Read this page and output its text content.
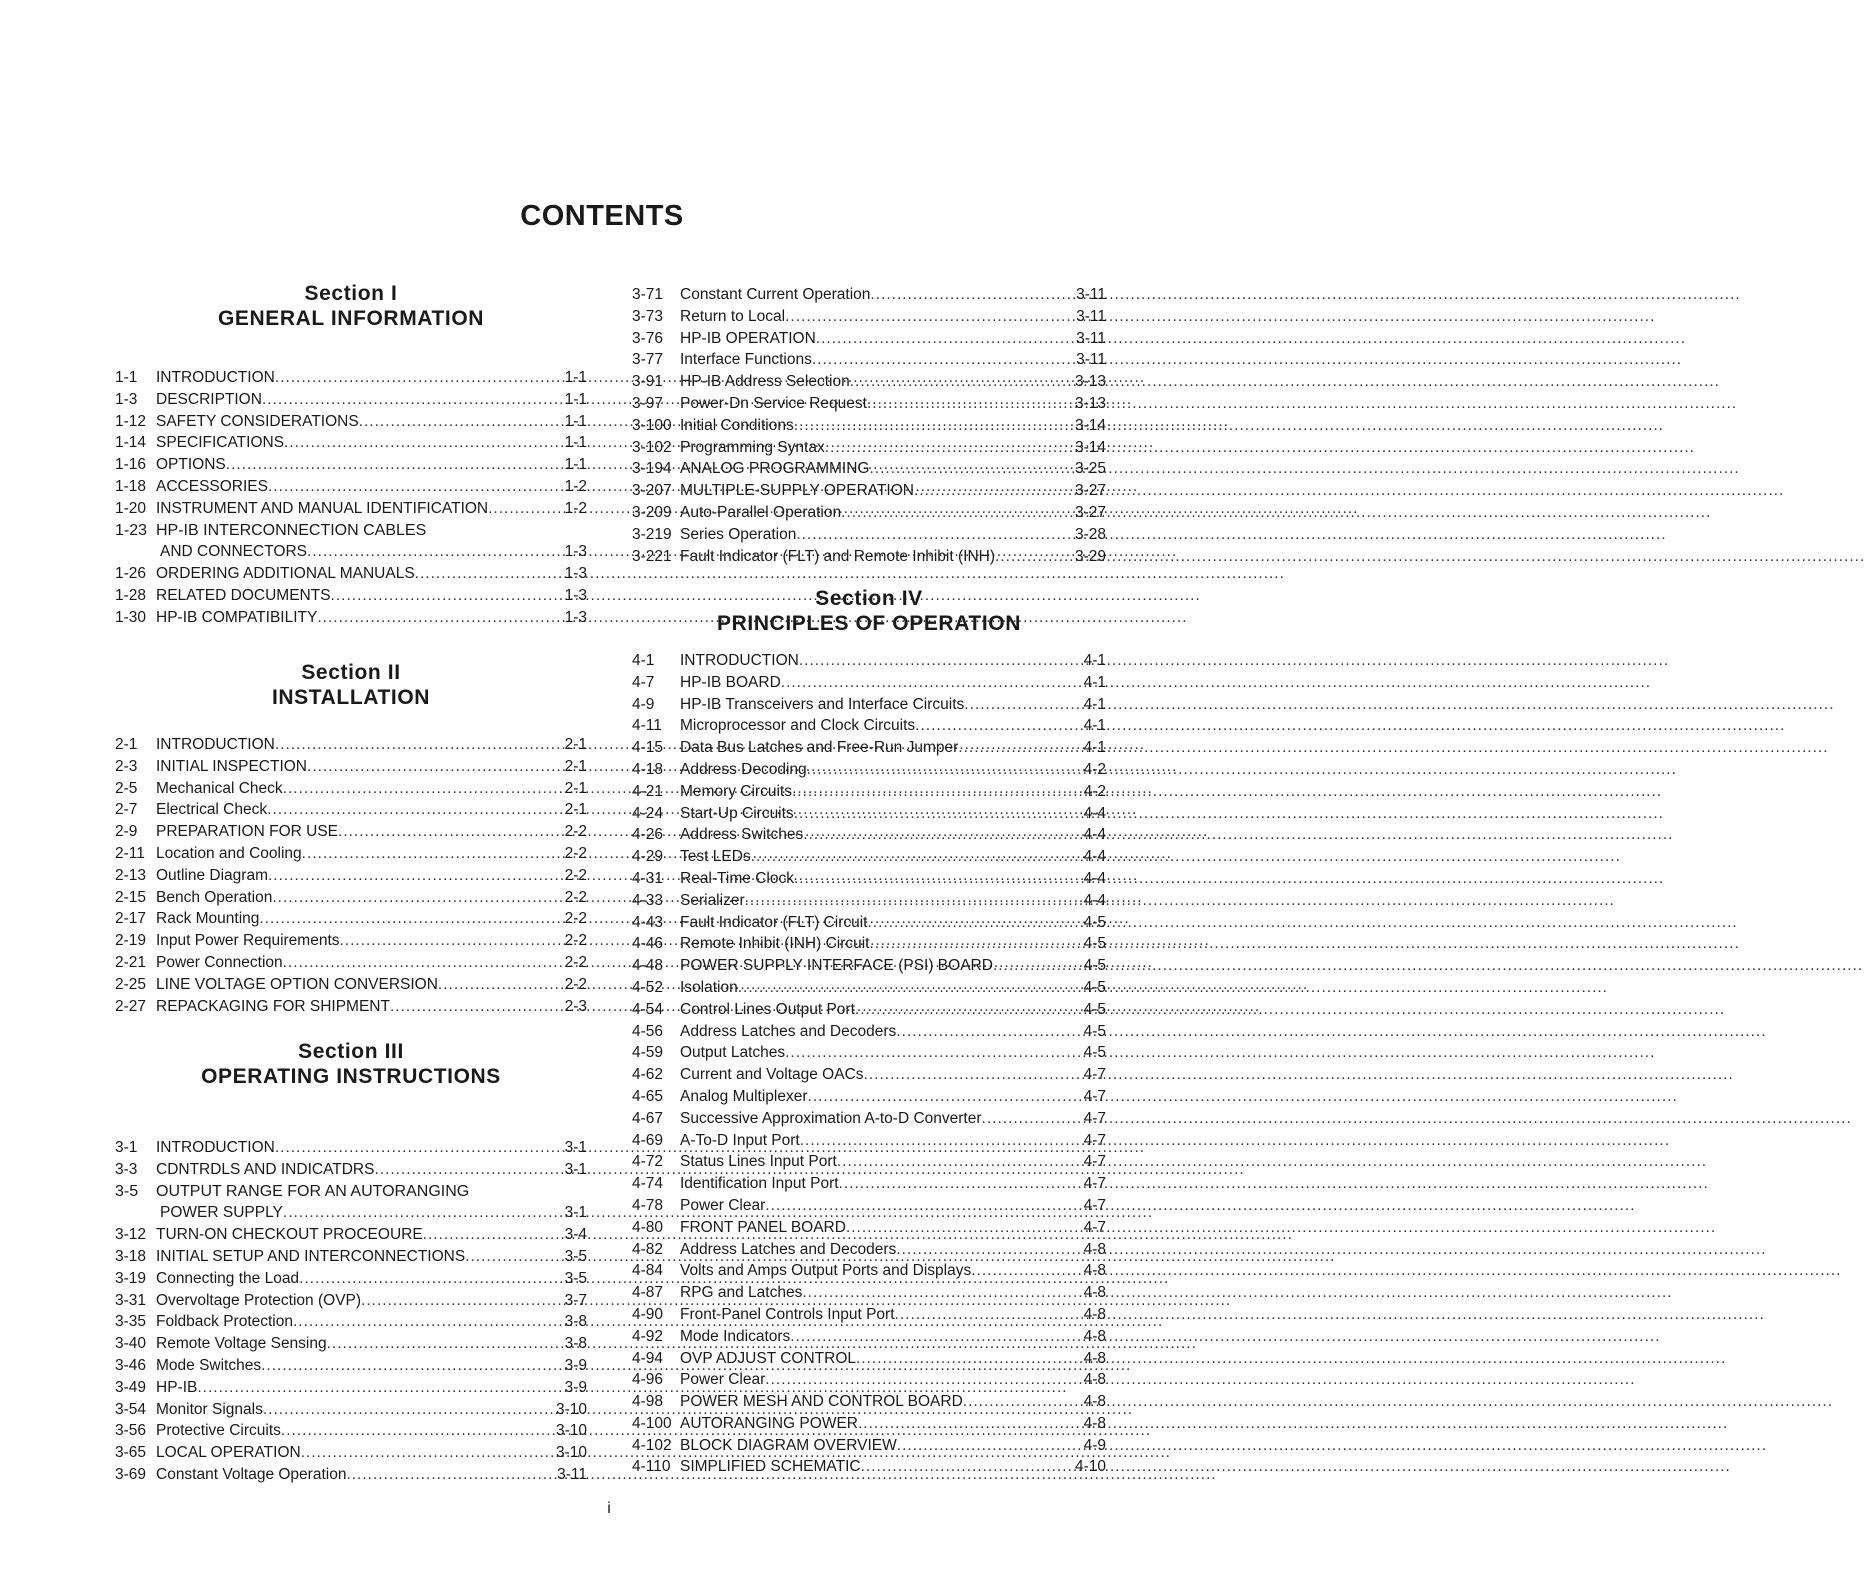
CONTENTS
Section I
GENERAL INFORMATION
1-1	INTRODUCTION .....	1-1
1-3	DESCRIPTION .....	1-1
1-12 SAFETY CONSIDERATIONS .....	1-1
1-14 SPECIFICATIONS .....	1-1
1-16 OPTIONS .....	1-1
1-18 ACCESSORIES .....	1-2
1-20 INSTRUMENT AND MANUAL IDENTIFICATION .....	1-2
1-23 HP-IB INTERCONNECTION CABLES
AND CONNECTORS .....	1-3
1-26 ORDERING ADDITIONAL MANUALS .....	1-3
1-28 RELATED DOCUMENTS .....	1-3
1-30 HP-IB COMPATIBILITY .....	1-3
Section II
INSTALLATION
2-1	INTRODUCTION .....	2-1
2-3	INITIAL INSPECTION .....	2-1
2-5	Mechanical Check .....	2-1
2-7	Electrical Check .....	2-1
2-9	PREPARATION FOR USE .....	2-2
2-11 Location and Cooling .....	2-2
2-13 Outline Diagram .....	2-2
2-15 Bench Operation .....	2-2
2-17 Rack Mounting .....	2-2
2-19 Input Power Requirements .....	2-2
2-21 Power Connection .....	2-2
2-25 LINE VOLTAGE OPTION CONVERSION .....	2-2
2-27 REPACKAGING FOR SHIPMENT .....	2-3
Section III
OPERATING INSTRUCTIONS
3-1	INTRODUCTION .....	3-1
3-3	CDNTRDLS AND INDICATDRS .....	3-1
3-5	OUTPUT RANGE FOR AN AUTORANGING
POWER SUPPLY .....	3-1
3-12 TURN-ON CHECKOUT PROCEOURE .....	3-4
3-18 INITIAL SETUP AND INTERCONNECTIONS .....	3-5
3-19 Connecting the Load .....	3-5
3-31 Overvoltage Protection (OVP) .....	3-7
3-35 Foldback Protection .....	3-8
3-40 Remote Voltage Sensing .....	3-8
3-46 Mode Switches .....	3-9
3-49 HP-IB .....	3-9
3-54 Monitor Signals .....	3-10
3-56 Protective Circuits .....	3-10
3-65 LOCAL OPERATION .....	3-10
3-69 Constant Voltage Operation .....	3-11
3-71	Constant Current Operation .....	3-11
3-73	Return to Local .....	3-11
3-76	HP-IB OPERATION .....	3-11
3-77	Interface Functions .....	3-11
3-91	HP-IB Address Selection .....	3-13
3-97	Power-Dn Service Request .....	3-13
3-100 Initial Conditions .....	3-14
3-102 Programming Syntax .....	3-14
3-194 ANALOG PROGRAMMING .....	3-25
3-207 MULTIPLE-SUPPLY OPERATION .....	3-27
3-209 Auto-Parallel Operation .....	3-27
3-219 Series Operation .....	3-28
3-221 Fault Indicator (FLT) and Remote Inhibit (INH) .....	3-29
Section IV
PRINCIPLES OF OPERATION
4-1	INTRODUCTION .....	4-1
4-7	HP-IB BOARD .....	4-1
4-9	HP-IB Transceivers and Interface Circuits .....	4-1
4-11	Microprocessor and Clock Circuits .....	4-1
4-15	Data Bus Latches and Free-Run Jumper .....	4-1
4-18	Address Decoding .....	4-2
4-21	Memory Circuits .....	4-2
4-24	Start-Up Circuits .....	4-4
4-26	Address Switches .....	4-4
4-29	Test LEDs .....	4-4
4-31	Real-Time Clock .....	4-4
4-33	Serializer .....	4-4
4-43	Fault Indicator (FLT) Circuit .....	4-5
4-46	Remote Inhibit (INH) Circuit .....	4-5
4-48	POWER SUPPLY INTERFACE (PSI) BOARD .....	4-5
4-52	Isolation .....	4-5
4-54	Control Lines Output Port .....	4-5
4-56	Address Latches and Decoders .....	4-5
4-59	Output Latches .....	4-5
4-62	Current and Voltage OACs .....	4-7
4-65	Analog Multiplexer .....	4-7
4-67	Successive Approximation A-to-D Converter .....	4-7
4-69	A-To-D Input Port .....	4-7
4-72	Status Lines Input Port .....	4-7
4-74	Identification Input Port .....	4-7
4-78	Power Clear .....	4-7
4-80	FRONT PANEL BOARD .....	4-7
4-82	Address Latches and Decoders .....	4-8
4-84	Volts and Amps Output Ports and Displays .....	4-8
4-87	RPG and Latches .....	4-8
4-90	Front-Panel Controls Input Port .....	4-8
4-92	Mode Indicators .....	4-8
4-94	OVP ADJUST CONTROL .....	4-8
4-96	Power Clear .....	4-8
4-98	POWER MESH AND CONTROL BOARD .....	4-8
4-100 AUTORANGING POWER .....	4-8
4-102 BLOCK DIAGRAM OVERVIEW .....	4-9
4-110 SIMPLIFIED SCHEMATIC .....	4-10
i
